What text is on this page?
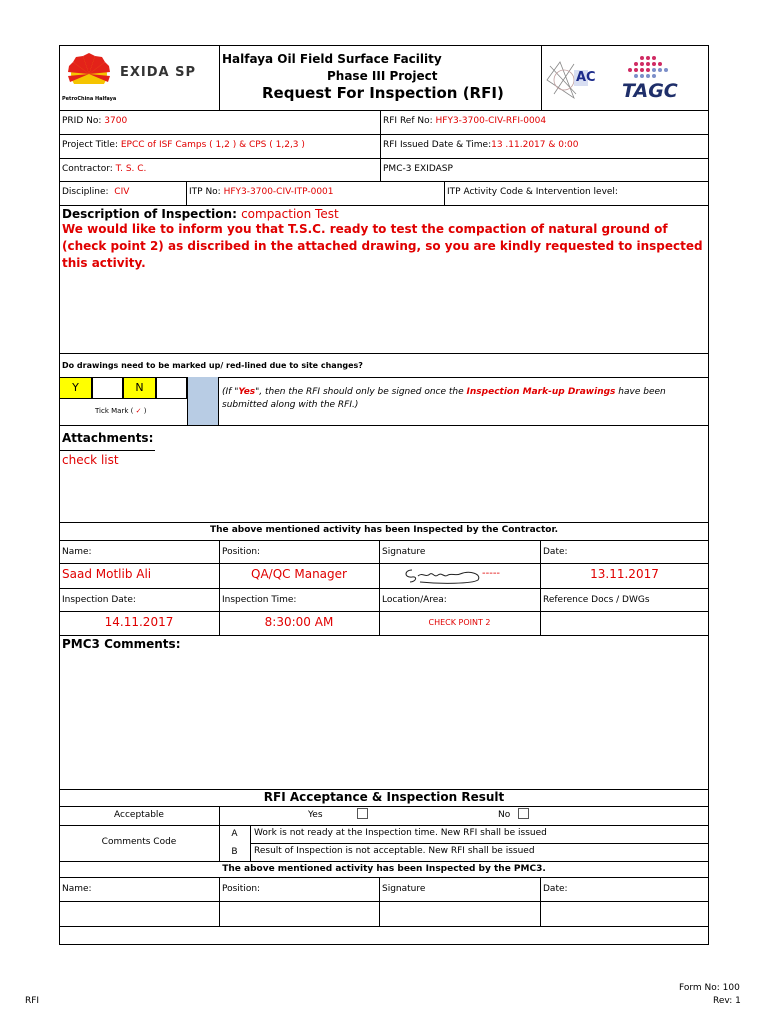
EXIDA SP
PetroChina Halfaya
Halfaya Oil Field Surface Facility
Phase III Project
Request For Inspection (RFI)
AC
TAGC
PRID No: 3700	RFI Ref No: HFY3-3700-CIV-RFI-0004
Project Title: EPCC of ISF Camps ( 1,2 ) & CPS ( 1,2,3 )	RFI Issued Date & Time:13 .11.2017 & 0:00
Contractor: T. S. C.	PMC-3 EXIDASP
Discipline: CIV	ITP No: HFY3-3700-CIV-ITP-0001	ITP Activity Code & Intervention level:
Description of Inspection: compaction Test
We would like to inform you that T.S.C. ready to test the compaction of natural ground of (check point 2) as discribed in the attached drawing, so you are kindly requested to inspected this activity.
Do drawings need to be marked up/ red-lined due to site changes?
Y	N
Tick Mark ( ✓ )
(If "Yes", then the RFI should only be signed once the Inspection Mark-up Drawings have been submitted along with the RFI.)
Attachments:
check list
The above mentioned activity has been Inspected by the Contractor.
Name:	Position:	Signature	Date:
Saad Motlib Ali	QA/QC Manager	-----	13.11.2017
Inspection Date:	Inspection Time:	Location/Area:	Reference Docs / DWGs
14.11.2017	8:30:00 AM	CHECK POINT 2
PMC3 Comments:
RFI Acceptance & Inspection Result
Acceptable	Yes	No
Comments Code
A	Work is not ready at the Inspection time. New RFI shall be issued
B	Result of Inspection is not acceptable. New RFI shall be issued
The above mentioned activity has been Inspected by the PMC3.
Name:	Position:	Signature	Date:
RFI
Form No: 100
Rev: 1
